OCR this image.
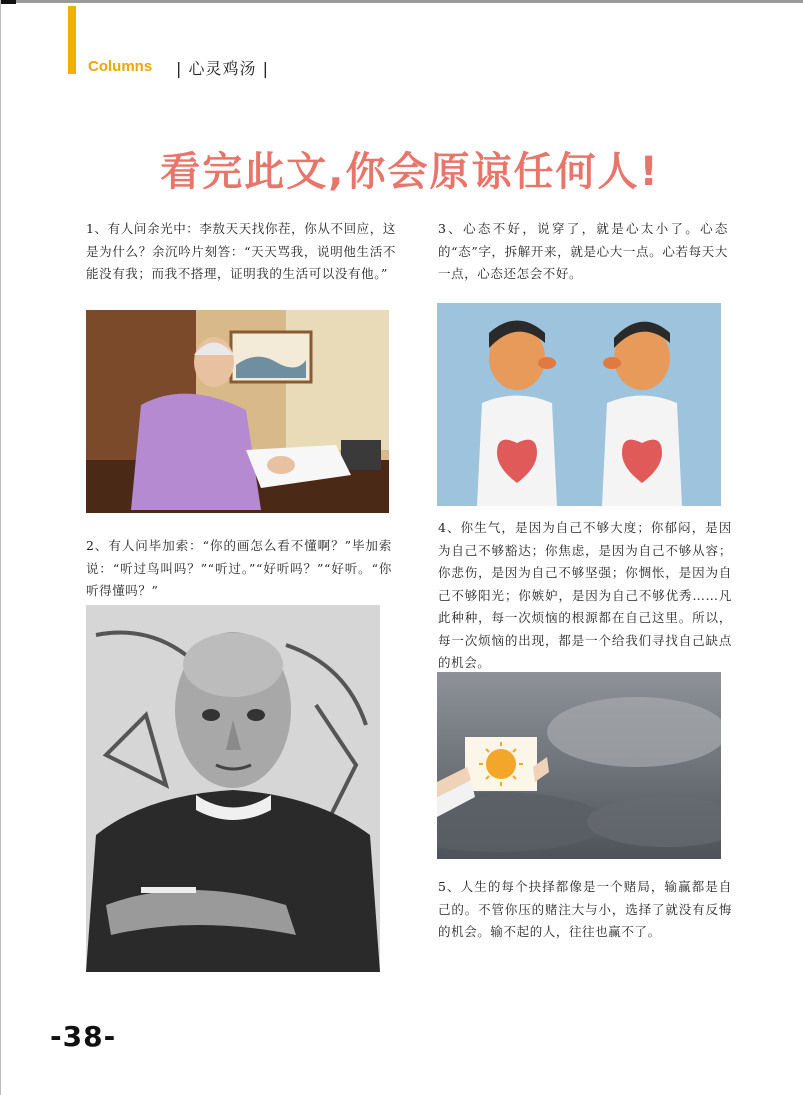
Columns | 心灵鸡汤 |
看完此文,你会原谅任何人!
1、有人问余光中：李敖天天找你茬，你从不回应，这是为什么？余沉吟片刻答：“天天骂我，说明他生活不能没有我；而我不搭理，证明我的生活可以没有他。”
2、有人问毕加索：“你的画怎么看不懂啊？”毕加索说：“听过鸟叫吗？”“听过。”“好听吗？”“好听。“你听得懂吗？”
3、心态不好，说穿了，就是心太小了。心态的“态”字，拆解开来，就是心大一点。心若每天大一点，心态还怎会不好。
4、你生气，是因为自己不够大度；你郁闷，是因为自己不够豁达；你焦虑，是因为自己不够从容；你悲伤，是因为自己不够坚强；你惆怅，是因为自己不够阳光；你嫉妒，是因为自己不够优秀……凡此种种，每一次烦恼的根源都在自己这里。所以，每一次烦恼的出现，都是一个给我们寻找自己缺点的机会。
5、人生的每个抉择都像是一个赌局，输赢都是自己的。不管你压的赌注大与小，选择了就没有反悔的机会。输不起的人，往往也赢不了。
-38-
